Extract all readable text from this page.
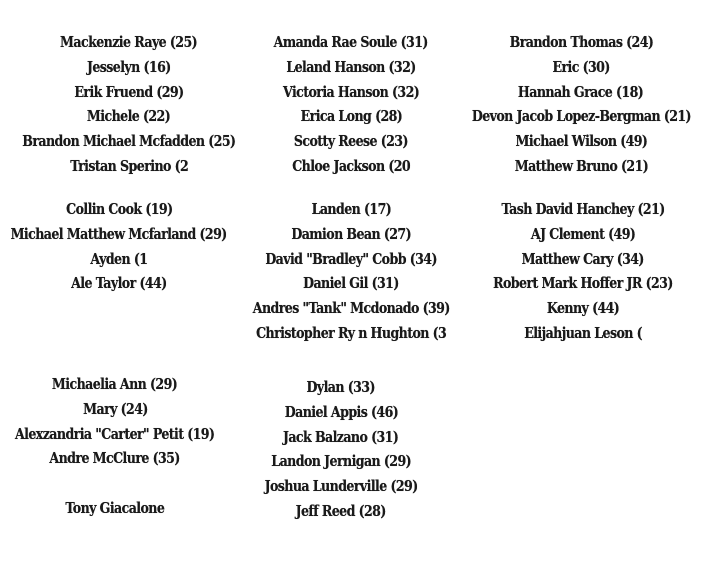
Mackenzie Raye (25)
Jesselyn (16)
Erik Fruend (29)
Michele (22)
Brandon Michael Mcfadden (25)
Tristan Sperino (2
Amanda Rae Soule (31)
Leland Hanson (32)
Victoria Hanson (32)
Erica Long (28)
Scotty Reese (23)
Chloe Jackson (20
Brandon Thomas (24)
Eric (30)
Hannah Grace (18)
Devon Jacob Lopez-Bergman (21)
Michael Wilson (49)
Matthew Bruno (21)
Collin Cook (19)
Michael Matthew Mcfarland (29)
Ayden (1
Ale Taylor (44)
Landen (17)
Damion Bean (27)
David "Bradley" Cobb (34)
Daniel Gil (31)
Andres "Tank" Mcdonado (39)
Christopher Ry n Hughton (3
Tash David Hanchey (21)
AJ Clement (49)
Matthew Cary (34)
Robert Mark Hoffer JR (23)
Kenny (44)
Elijahjuan Leson (
Michaelia Ann (29)
Mary (24)
Alexzandria "Carter" Petit (19)
Andre McClure (35)
Tony Giacalone
Dylan (33)
Daniel Appis (46)
Jack Balzano (31)
Landon Jernigan (29)
Joshua Lunderville (29)
Jeff Reed (28)
